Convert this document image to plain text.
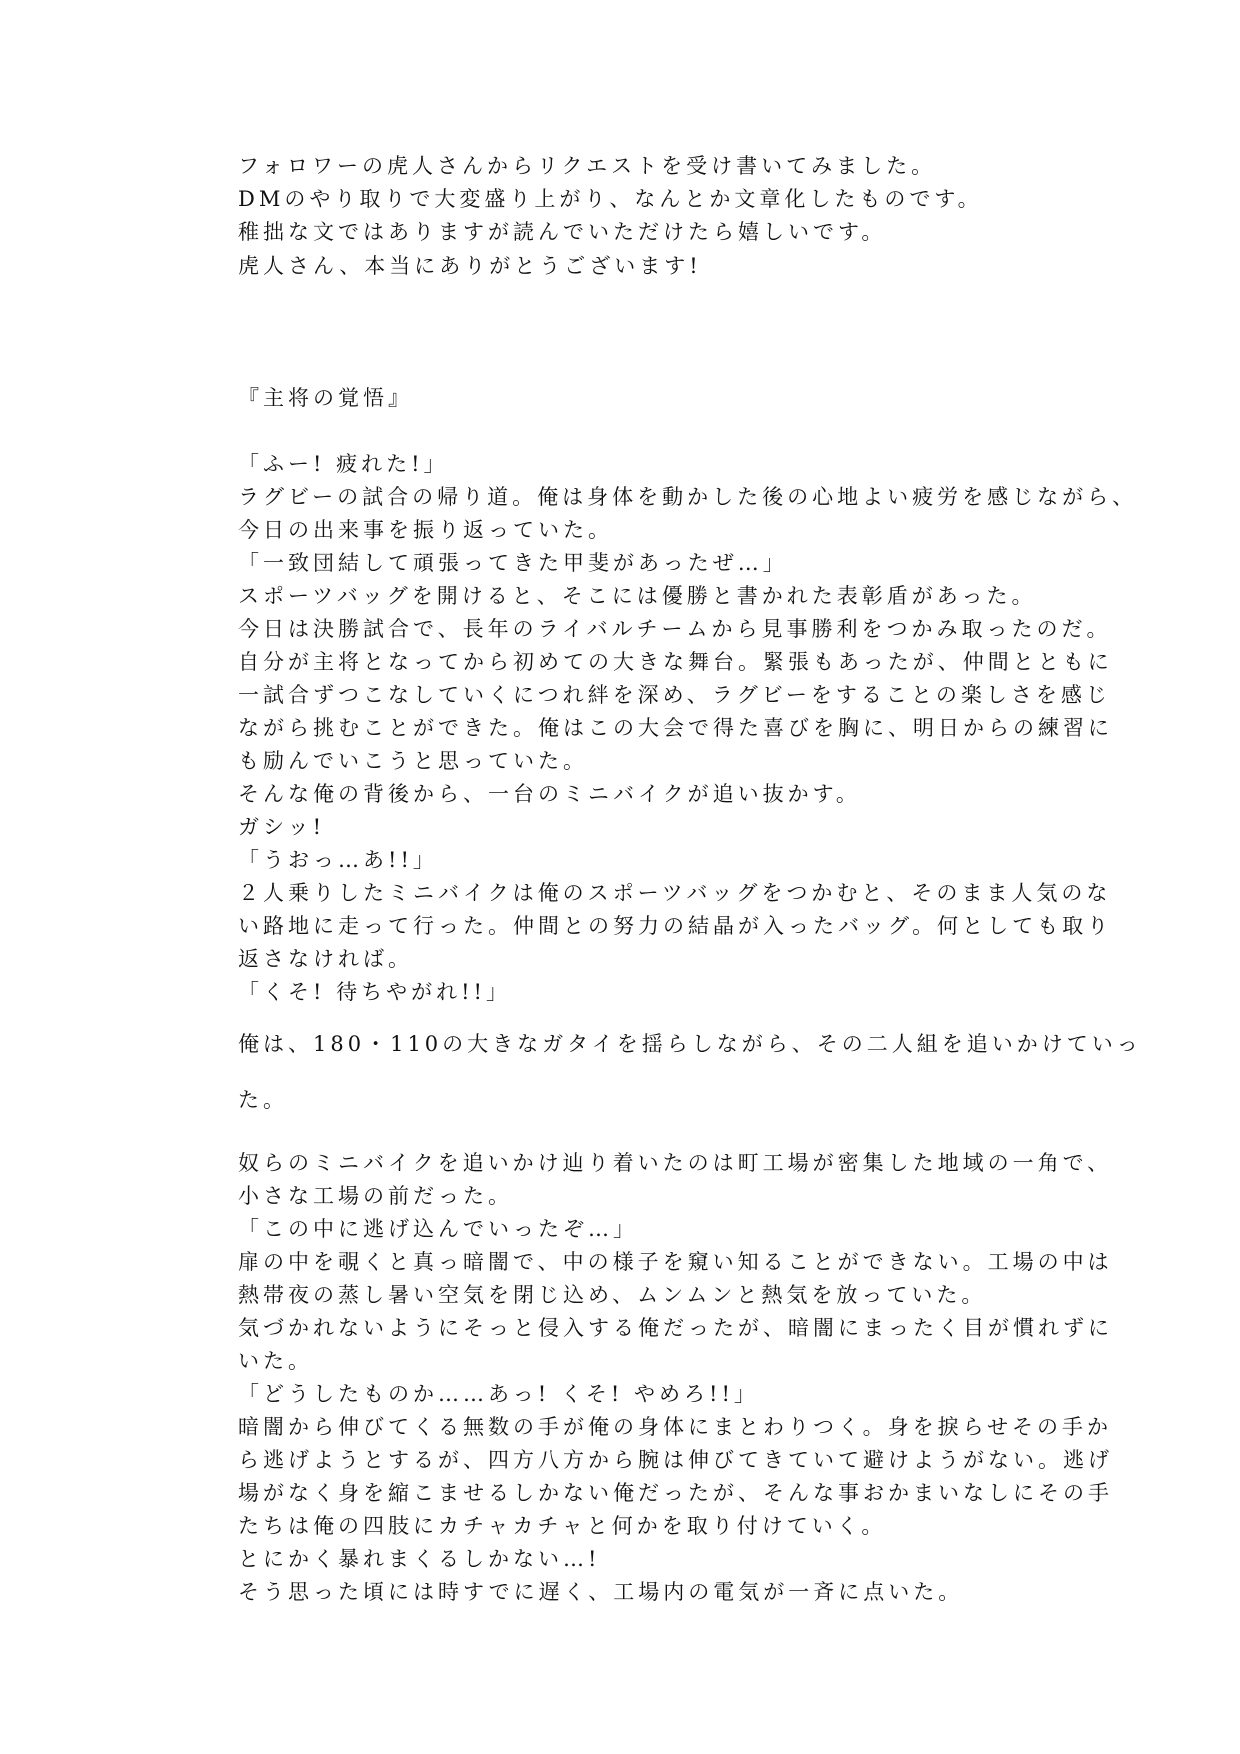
フォロワーの虎人さんからリクエストを受け書いてみました。
DMのやり取りで大変盛り上がり、なんとか文章化したものです。
稚拙な文ではありますが読んでいただけたら嬉しいです。
虎人さん、本当にありがとうございます!
『主将の覚悟』
「ふー! 疲れた!」
ラグビーの試合の帰り道。俺は身体を動かした後の心地よい疲労を感じながら、
今日の出来事を振り返っていた。
「一致団結して頑張ってきた甲斐があったぜ…」
スポーツバッグを開けると、そこには優勝と書かれた表彰盾があった。
今日は決勝試合で、長年のライバルチームから見事勝利をつかみ取ったのだ。
自分が主将となってから初めての大きな舞台。緊張もあったが、仲間とともに
一試合ずつこなしていくにつれ絆を深め、ラグビーをすることの楽しさを感じ
ながら挑むことができた。俺はこの大会で得た喜びを胸に、明日からの練習に
も励んでいこうと思っていた。
そんな俺の背後から、一台のミニバイクが追い抜かす。
ガシッ!
「うおっ…あ!!」
２人乗りしたミニバイクは俺のスポーツバッグをつかむと、そのまま人気のな
い路地に走って行った。仲間との努力の結晶が入ったバッグ。何としても取り
返さなければ。
「くそ! 待ちやがれ!!」
俺は、180・110の大きなガタイを揺らしながら、その二人組を追いかけていっ
た。
奴らのミニバイクを追いかけ辿り着いたのは町工場が密集した地域の一角で、
小さな工場の前だった。
「この中に逃げ込んでいったぞ…」
扉の中を覗くと真っ暗闇で、中の様子を窺い知ることができない。工場の中は
熱帯夜の蒸し暑い空気を閉じ込め、ムンムンと熱気を放っていた。
気づかれないようにそっと侵入する俺だったが、暗闇にまったく目が慣れずに
いた。
「どうしたものか……あっ! くそ! やめろ!!」
暗闇から伸びてくる無数の手が俺の身体にまとわりつく。身を捩らせその手か
ら逃げようとするが、四方八方から腕は伸びてきていて避けようがない。逃げ
場がなく身を縮こませるしかない俺だったが、そんな事おかまいなしにその手
たちは俺の四肢にカチャカチャと何かを取り付けていく。
とにかく暴れまくるしかない…!
そう思った頃には時すでに遅く、工場内の電気が一斉に点いた。
